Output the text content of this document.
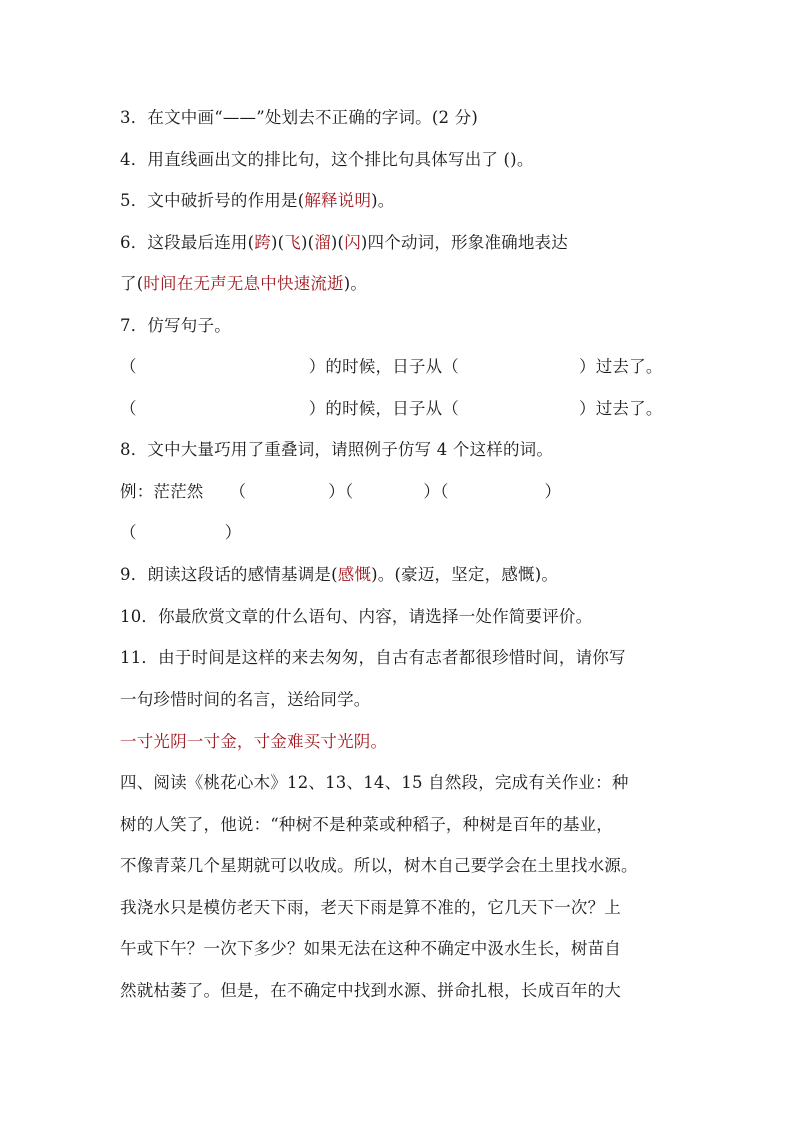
3．在文中画“——”处划去不正确的字词。(2 分)
4．用直线画出文的排比句，这个排比句具体写出了 ()。
5．文中破折号的作用是(解释说明)。
6．这段最后连用(跨)(飞)(溜)(闪)四个动词，形象准确地表达
了(时间在无声无息中快速流逝)。
7．仿写句子。
（	）的时候，日子从（	）过去了。
（	）的时候，日子从（	）过去了。
8．文中大量巧用了重叠词，请照例子仿写 4 个这样的词。
例：茫茫然 （	）（	）（	）
（	）
9．朗读这段话的感情基调是(感慨)。(豪迈，坚定，感慨)。
10．你最欣赏文章的什么语句、内容，请选择一处作简要评价。
11．由于时间是这样的来去匆匆，自古有志者都很珍惜时间，请你写
一句珍惜时间的名言，送给同学。
一寸光阴一寸金，寸金难买寸光阴。
四、阅读《桃花心木》12、13、14、15 自然段，完成有关作业：种
树的人笑了，他说：“种树不是种菜或种稻子，种树是百年的基业，
不像青菜几个星期就可以收成。所以，树木自己要学会在土里找水源。
我浇水只是模仿老天下雨，老天下雨是算不准的，它几天下一次？上
午或下午？一次下多少？如果无法在这种不确定中汲水生长，树苗自
然就枯萎了。但是，在不确定中找到水源、拼命扎根，长成百年的大
